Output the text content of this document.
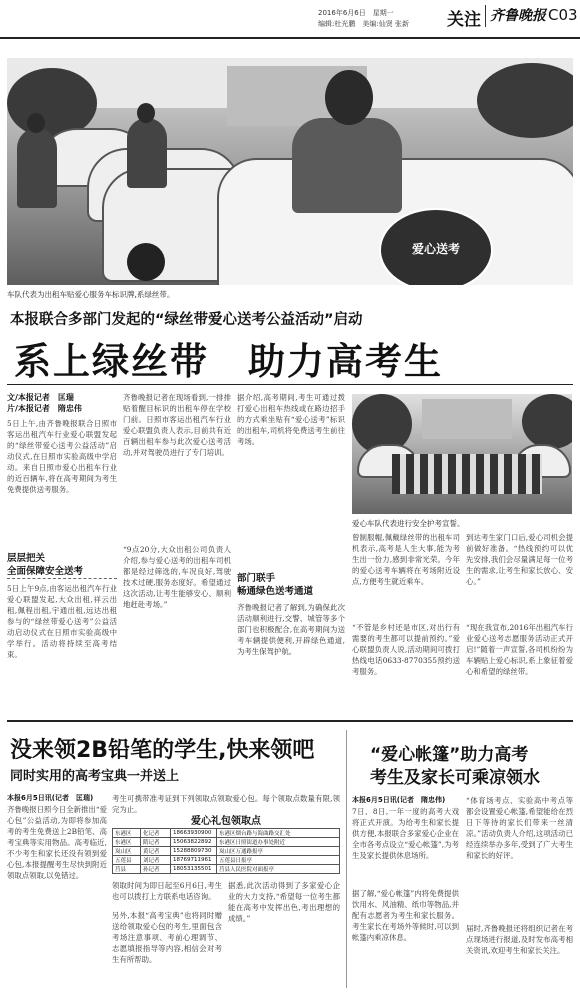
2016年6月6日　星期一
编辑:杜光鹏　美编:仙贤 张新 关注 齐鲁晚报 C03
爱心送考
车队代表为出租车贴爱心服务车标识牌,系绿丝带。
本报联合多部门发起的“绿丝带爱心送考公益活动”启动
系上绿丝带　助力高考生
文/本报记者　匡瑞
片/本报记者　隋忠伟
5日上午,由齐鲁晚报联合日照市客运出租汽车行业爱心联盟发起的“绿丝带爱心送考公益活动”启动仪式,在日照市实验高级中学启动。来自日照市爱心出租车行业的近百辆车,将在高考期间为考生免费提供送考服务。
层层把关
全面保障安全送考
5日上午9点,由客运出租汽车行业爱心联盟发起,大众出租,祥云出租,佩程出租,宇通出租,远达出租参与的“绿丝带爱心送考”公益活动启动仪式在日照市实验高级中学举行。活动将持续至高考结束。
齐鲁晚报记者在现场看到,一排排贴着醒目标识的出租车停在学校门前。日照市客运出租汽车行业爱心联盟负责人表示,目前共有近百辆出租车参与此次爱心送考活动,并对驾驶员进行了专门培训。
“9点20分,大众出租公司负责人介绍,参与爱心送考的出租车司机都是经过筛选的,车况良好,驾驶技术过硬,服务态度好。希望通过这次活动,让考生能够安心、顺利地赶赴考场。”
据介绍,高考期间,考生可通过拨打爱心出租车热线或在路边招手的方式乘坐贴有“爱心送考”标识的出租车,司机将免费送考生前往考场。
部门联手
畅通绿色送考通道
齐鲁晚报记者了解到,为确保此次活动顺利进行,交警、城管等多个部门也积极配合,在高考期间为送考车辆提供便利,开辟绿色通道,为考生保驾护航。
爱心车队代表进行安全护考宣誓。
曾制服帽,佩戴绿丝带的出租车司机表示,高考是人生大事,能为考生出一份力,感到非常光荣。今年的爱心送考车辆将在考场附近设点,方便考生就近乘车。
“不管是乡村还是市区,对出行有需要的考生都可以提前预约。”爱心联盟负责人说,活动期间可拨打热线电话0633-8770355预约送考服务。
到达考生家门口后,爱心司机会提前做好准备。“热线预约可以优先安排,我们会尽量满足每一位考生的需求,让考生和家长放心、安心。”
“现在我宣布,2016年出租汽车行业爱心送考志愿服务活动正式开启!”随着一声宣誓,各司机纷纷为车辆贴上爱心标识,系上象征着爱心和希望的绿丝带。
没来领2B铅笔的学生,快来领吧
同时实用的高考宝典一并送上
本报6月5日讯(记者　匡瑞)
齐鲁晚报日照今日全新推出“爱心包”公益活动,为即将参加高考的考生免费送上2B铅笔、高考宝典等实用物品。高考临近,不少考生和家长还没有领到爱心包,本报提醒考生尽快到附近领取点领取,以免错过。
考生可携带准考证到下列领取点领取爱心包。每个领取点数量有限,领完为止。
爱心礼包领取点
东港区	化记者	18663930900	东港区烟台路与海曲路交汇处
东港区	隋记者	15063822892	东港区日照街道办事处附近
岚山区	黄记者	15288809730	岚山区万通路报亭
五莲县	刘记者	18769711961	五莲县日报亭
莒县	孙记者	18053135501	莒县人民医院对面报亭
领取时间为即日起至6月6日,考生也可以拨打上方联系电话咨询。
另外,本报“高考宝典”也将同时赠送给领取爱心包的考生,里面包含考场注意事项、考前心理调节、志愿填报指导等内容,相信会对考生有所帮助。
据悉,此次活动得到了多家爱心企业的大力支持,“希望每一位考生都能在高考中发挥出色,考出理想的成绩。”
“爱心帐篷”助力高考
考生及家长可乘凉领水
本报6月5日讯(记者　隋忠伟)
7日、8日,一年一度的高考大戏将正式开演。为给考生和家长提供方便,本报联合多家爱心企业在全市各考点设立“爱心帐篷”,为考生及家长提供休息场所。
据了解,“爱心帐篷”内将免费提供饮用水、风油精、纸巾等物品,并配有志愿者为考生和家长服务。考生家长在考场外等候时,可以到帐篷内乘凉休息。
“体育场考点、实验高中考点等都会设置爱心帐篷,希望能给在烈日下等待的家长们带来一丝清凉。”活动负责人介绍,这项活动已经连续举办多年,受到了广大考生和家长的好评。
届时,齐鲁晚报还将组织记者在考点现场进行报道,及时发布高考相关资讯,欢迎考生和家长关注。
